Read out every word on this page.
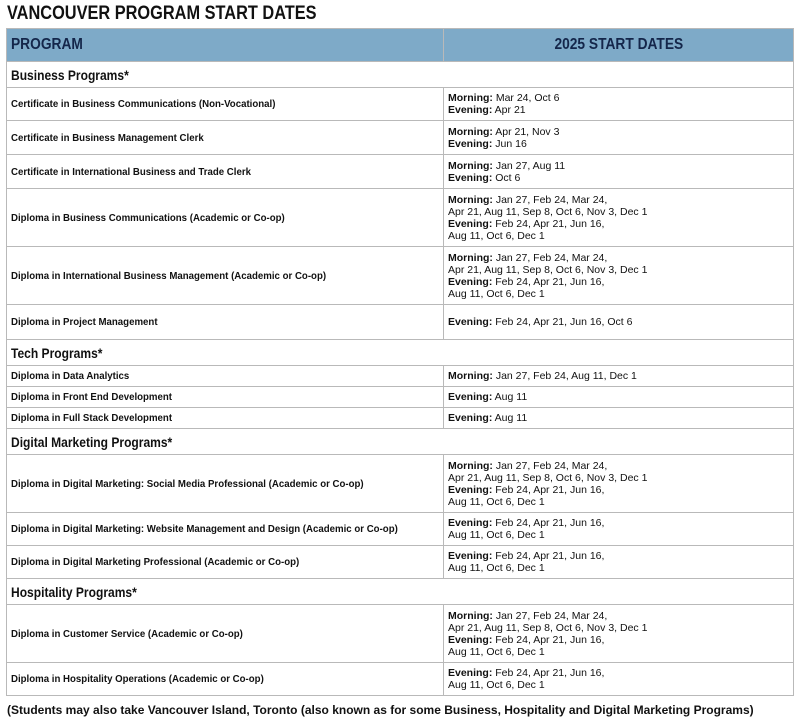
VANCOUVER PROGRAM START DATES
PROGRAM	2025 START DATES
Business Programs*	
Certificate in Business Communications (Non-Vocational)	Morning: Mar 24, Oct 6
Evening: Apr 21

Certificate in Business Management Clerk	Morning: Apr 21, Nov 3
Evening: Jun 16

Certificate in International Business and Trade Clerk	Morning: Jan 27, Aug 11
Evening: Oct 6

Diploma in Business Communications (Academic or Co-op)	Morning: Jan 27, Feb 24, Mar 24,
Apr 21, Aug 11, Sep 8, Oct 6, Nov 3, Dec 1
Evening: Feb 24, Apr 21, Jun 16,
Aug 11, Oct 6, Dec 1

Diploma in International Business Management (Academic or Co-op)	Morning: Jan 27, Feb 24, Mar 24,
Apr 21, Aug 11, Sep 8, Oct 6, Nov 3, Dec 1
Evening: Feb 24, Apr 21, Jun 16,
Aug 11, Oct 6, Dec 1

Diploma in Project Management	Evening: Feb 24, Apr 21, Jun 16, Oct 6

Tech Programs*	
Diploma in Data Analytics	Morning: Jan 27, Feb 24, Aug 11, Dec 1

Diploma in Front End Development	Evening: Aug 11

Diploma in Full Stack Development	Evening: Aug 11

Digital Marketing Programs*	
Diploma in Digital Marketing: Social Media Professional (Academic or Co-op)	Morning: Jan 27, Feb 24, Mar 24,
Apr 21, Aug 11, Sep 8, Oct 6, Nov 3, Dec 1
Evening: Feb 24, Apr 21, Jun 16,
Aug 11, Oct 6, Dec 1

Diploma in Digital Marketing: Website Management and Design (Academic or Co-op)	Evening: Feb 24, Apr 21, Jun 16,
Aug 11, Oct 6, Dec 1

Diploma in Digital Marketing Professional (Academic or Co-op)	Evening: Feb 24, Apr 21, Jun 16,
Aug 11, Oct 6, Dec 1

Hospitality Programs*	
Diploma in Customer Service (Academic or Co-op)	Morning: Jan 27, Feb 24, Mar 24,
Apr 21, Aug 11, Sep 8, Oct 6, Nov 3, Dec 1
Evening: Feb 24, Apr 21, Jun 16,
Aug 11, Oct 6, Dec 1

Diploma in Hospitality Operations (Academic or Co-op)	Evening: Feb 24, Apr 21, Jun 16,
Aug 11, Oct 6, Dec 1
(Students may also take Vancouver Island, Toronto (also known as for some Business, Hospitality and Digital Marketing Programs)
